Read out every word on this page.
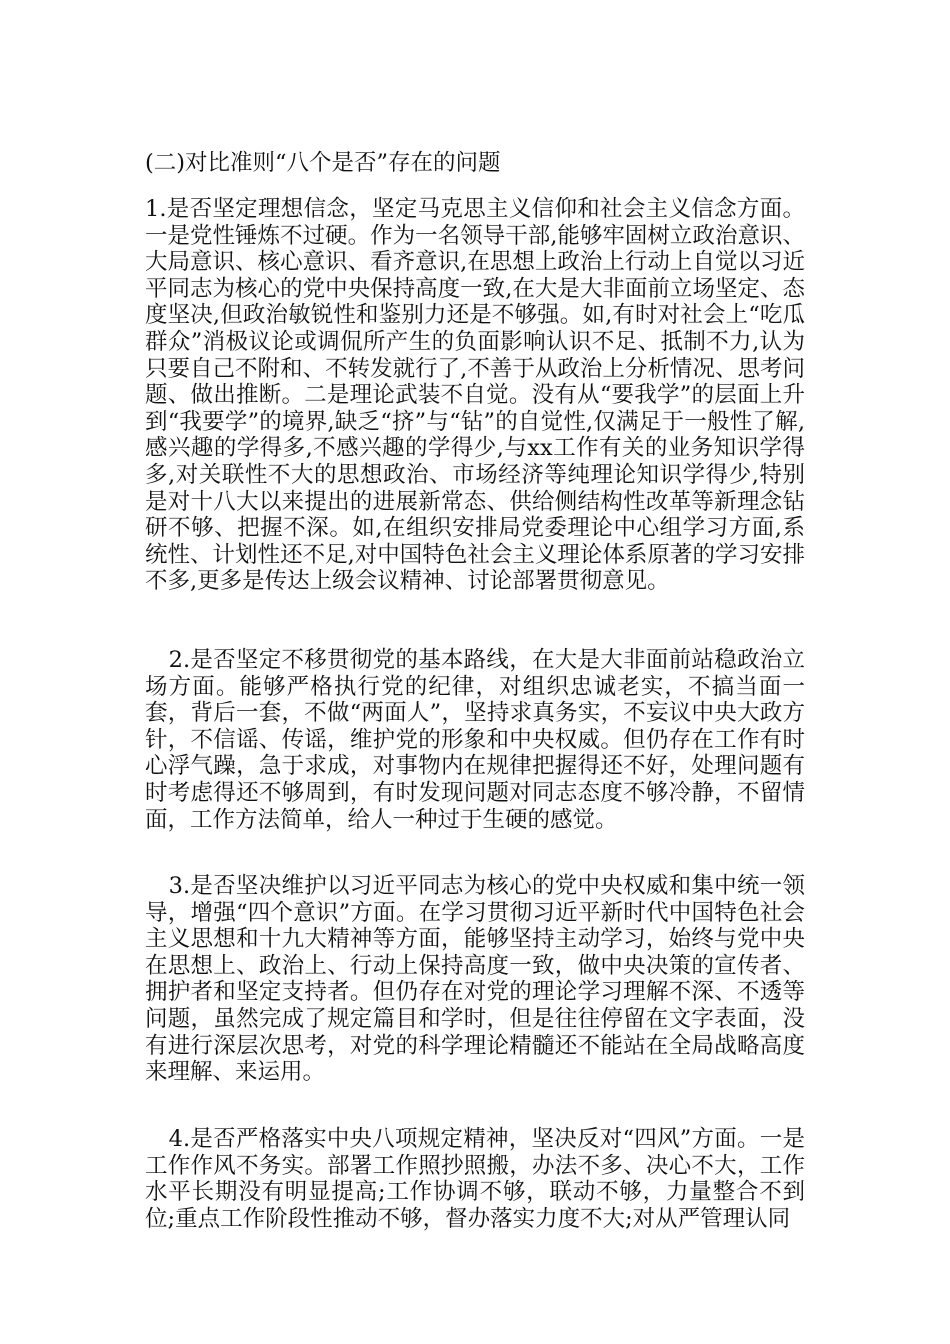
(二)对比准则“八个是否”存在的问题

1.是否坚定理想信念，坚定马克思主义信仰和社会主义信念方面。一是党性锤炼不过硬。作为一名领导干部,能够牢固树立政治意识、大局意识、核心意识、看齐意识,在思想上政治上行动上自觉以习近平同志为核心的党中央保持高度一致,在大是大非面前立场坚定、态度坚决,但政治敏锐性和鉴别力还是不够强。如,有时对社会上“吃瓜群众”消极议论或调侃所产生的负面影响认识不足、抵制不力,认为只要自己不附和、不转发就行了,不善于从政治上分析情况、思考问题、做出推断。二是理论武装不自觉。没有从“要我学”的层面上升到“我要学”的境界,缺乏“挤”与“钻”的自觉性,仅满足于一般性了解,感兴趣的学得多,不感兴趣的学得少,与xx工作有关的业务知识学得多,对关联性不大的思想政治、市场经济等纯理论知识学得少,特别是对十八大以来提出的进展新常态、供给侧结构性改革等新理念钻研不够、把握不深。如,在组织安排局党委理论中心组学习方面,系统性、计划性还不足,对中国特色社会主义理论体系原著的学习安排不多,更多是传达上级会议精神、讨论部署贯彻意见。

2.是否坚定不移贯彻党的基本路线，在大是大非面前站稳政治立场方面。能够严格执行党的纪律，对组织忠诚老实，不搞当面一套，背后一套，不做“两面人”，坚持求真务实，不妄议中央大政方针，不信谣、传谣，维护党的形象和中央权威。但仍存在工作有时心浮气躁，急于求成，对事物内在规律把握得还不好，处理问题有时考虑得还不够周到，有时发现问题对同志态度不够冷静，不留情面，工作方法简单，给人一种过于生硬的感觉。

3.是否坚决维护以习近平同志为核心的党中央权威和集中统一领导，增强“四个意识”方面。在学习贯彻习近平新时代中国特色社会主义思想和十九大精神等方面，能够坚持主动学习，始终与党中央在思想上、政治上、行动上保持高度一致，做中央决策的宣传者、拥护者和坚定支持者。但仍存在对党的理论学习理解不深、不透等问题，虽然完成了规定篇目和学时，但是往往停留在文字表面，没有进行深层次思考，对党的科学理论精髓还不能站在全局战略高度来理解、来运用。

4.是否严格落实中央八项规定精神，坚决反对“四风”方面。一是工作作风不务实。部署工作照抄照搬，办法不多、决心不大，工作水平长期没有明显提高;工作协调不够，联动不够，力量整合不到位;重点工作阶段性推动不够，督办落实力度不大;对从严管理认同
